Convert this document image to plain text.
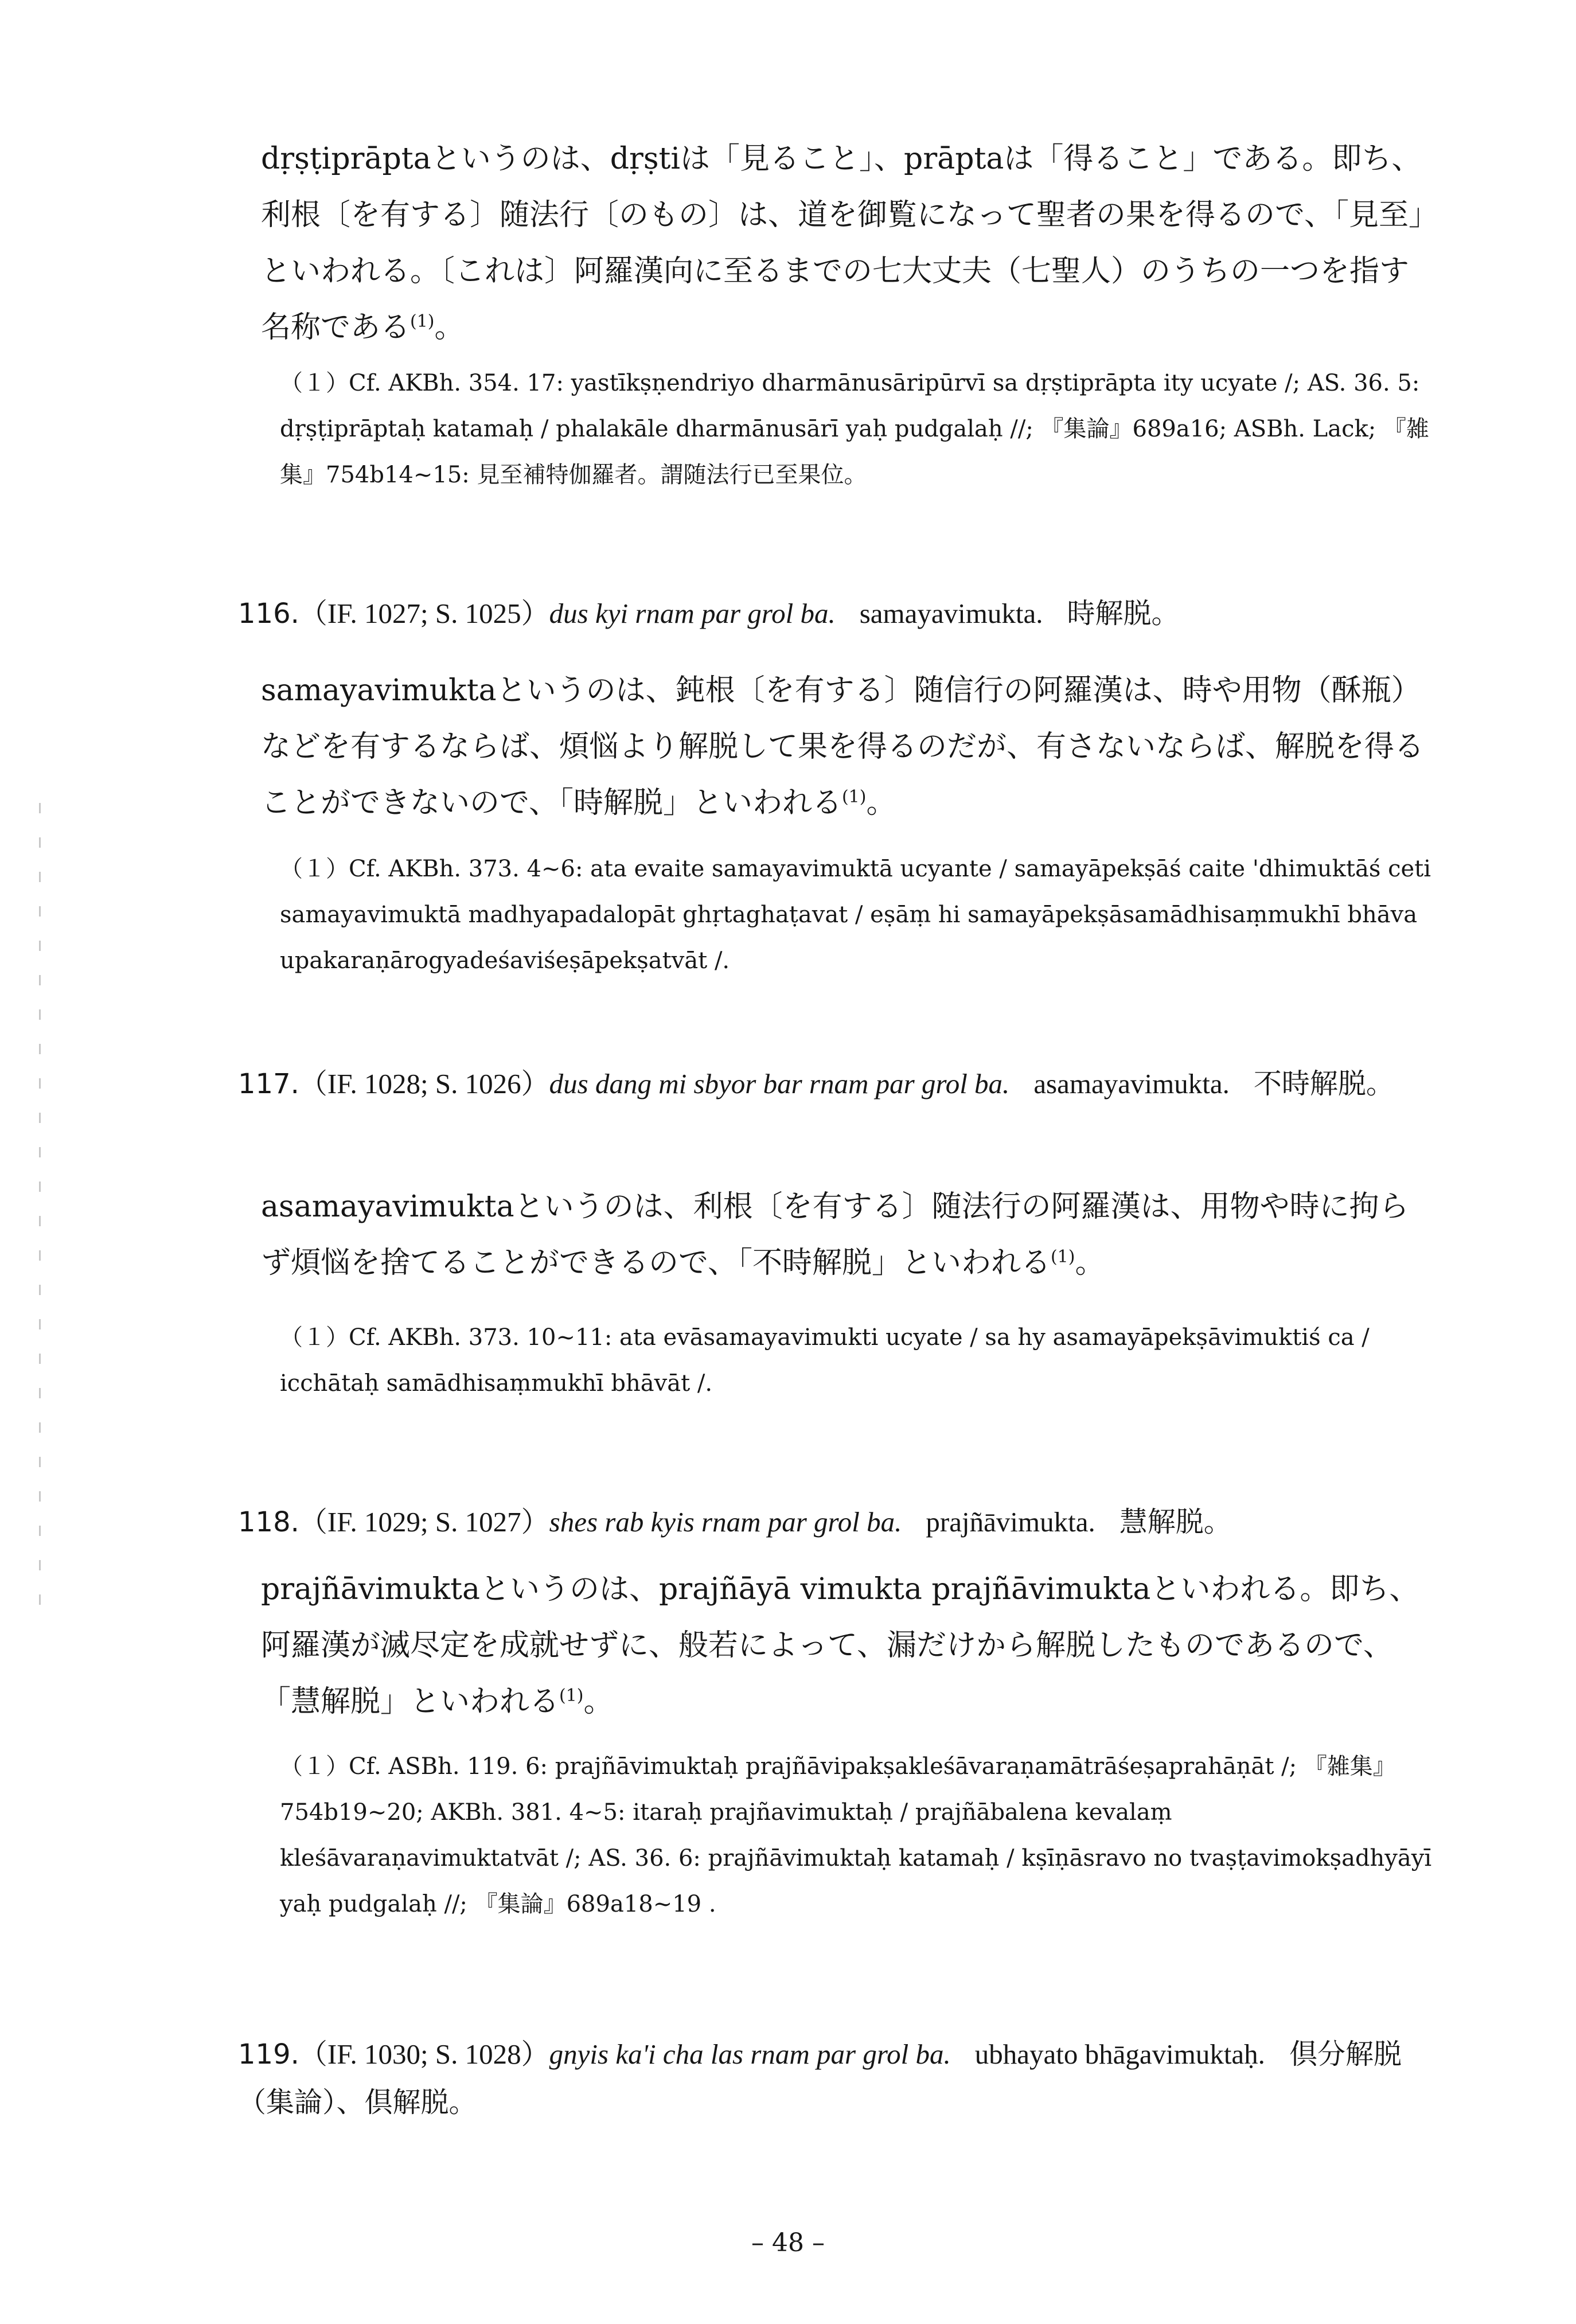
dṛṣṭiprāptaというのは、dṛṣtiは「見ること」、prāptaは「得ること」である。即ち、利根〔を有する〕随法行〔のもの〕は、道を御覧になって聖者の果を得るので、「見至」といわれる。〔これは〕阿羅漢向に至るまでの七大丈夫（七聖人）のうちの一つを指す名称である$^{(1)}$。
（１）Cf. AKBh. 354. 17: yastīkṣṇendriyo dharmānusāripūrvī sa dṛṣtiprāpta ity ucyate /; AS. 36. 5: dṛṣṭiprāptaḥ katamaḥ / phalakāle dharmānusārī yaḥ pudgalaḥ //; 『集論』689a16; ASBh. Lack; 『雑集』754b14~15: 見至補特伽羅者。謂随法行已至果位。
116.（IF. 1027; S. 1025）dus kyi rnam par grol ba. samayavimukta. 時解脱。
samayavimuktaというのは、鈍根〔を有する〕随信行の阿羅漢は、時や用物（酥瓶）などを有するならば、煩悩より解脱して果を得るのだが、有さないならば、解脱を得ることができないので、「時解脱」といわれる$^{(1)}$。
（１）Cf. AKBh. 373. 4~6: ata evaite samayavimuktā ucyante / samayāpekṣāś caite 'dhimuktāś ceti samayavimuktā madhyapadalopāt ghṛtaghaṭavat / eṣāṃ hi samayāpekṣāsamādhisaṃmukhī bhāva upakaraṇārogyadeśaviśeṣāpekṣatvāt /.
117.（IF. 1028; S. 1026）dus dang mi sbyor bar rnam par grol ba. asamayavimukta. 不時解脱。
asamayavimuktaというのは、利根〔を有する〕随法行の阿羅漢は、用物や時に拘らず煩悩を捨てることができるので、「不時解脱」といわれる$^{(1)}$。
（１）Cf. AKBh. 373. 10~11: ata evāsamayavimukti ucyate / sa hy asamayāpekṣāvimuktiś ca / icchātaḥ samādhisaṃmukhī bhāvāt /.
118.（IF. 1029; S. 1027）shes rab kyis rnam par grol ba. prajñāvimukta. 慧解脱。
prajñāvimuktaというのは、prajñāyā vimukta prajñāvimuktaといわれる。即ち、阿羅漢が滅尽定を成就せずに、般若によって、漏だけから解脱したものであるので、「慧解脱」といわれる$^{(1)}$。
（１）Cf. ASBh. 119. 6: prajñāvimuktaḥ prajñāvipakṣakleśāvaraṇamātrāśeṣaprahāṇāt /; 『雑集』754b19~20; AKBh. 381. 4~5: itaraḥ prajñavimuktaḥ / prajñābalena kevalaṃ kleśāvaraṇavimuktatvāt /; AS. 36. 6: prajñāvimuktaḥ katamaḥ / kṣīṇāsravo no tvaṣṭavimokṣadhyāyī yaḥ pudgalaḥ //; 『集論』689a18~19 .
119.（IF. 1030; S. 1028）gnyis ka'i cha las rnam par grol ba. ubhayato bhāgavimuktaḥ. 倶分解脱（集論）、倶解脱。
– 48 –
